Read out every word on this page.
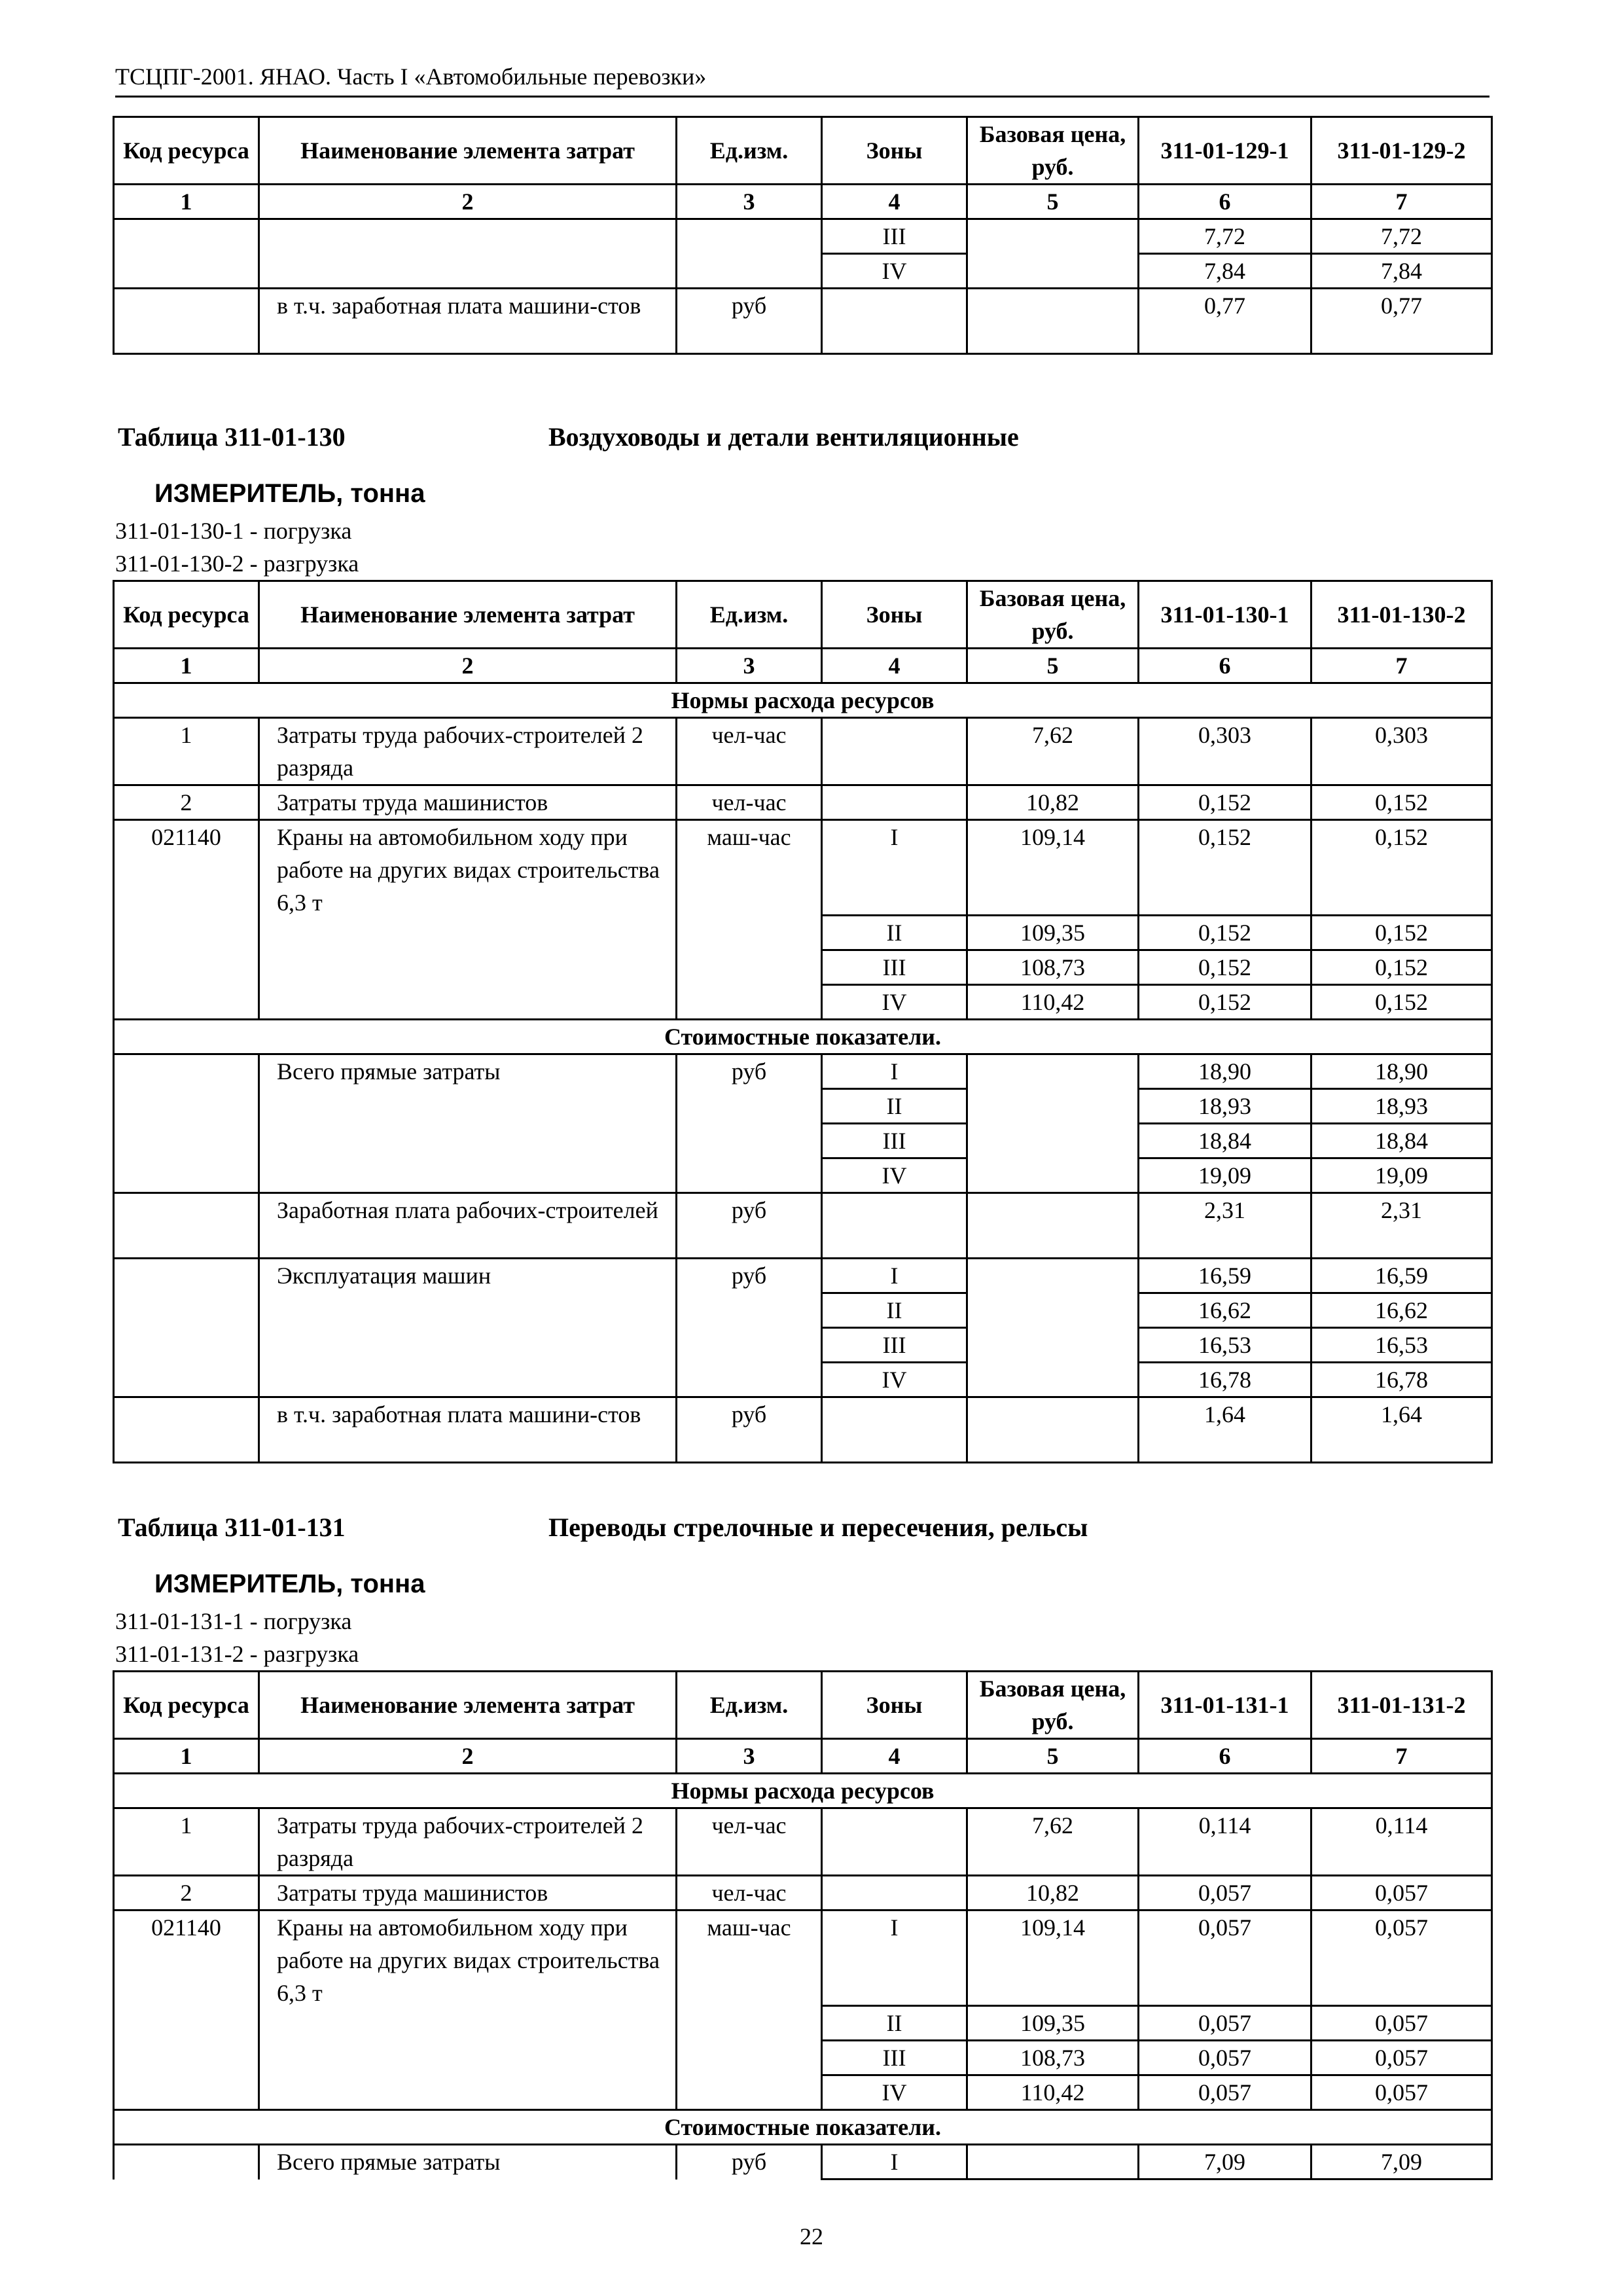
ТСЦПГ-2001. ЯНАО. Часть I «Автомобильные перевозки»
Код ресурса	Наименование элемента затрат	Ед.изм.	Зоны	Базовая цена, руб.	311-01-129-1	311-01-129-2
1	2	3	4	5	6	7
			III		7,72	7,72
			IV		7,84	7,84
	в т.ч. заработная плата машини-стов	руб			0,77	0,77
Таблица 311-01-130	Воздуховоды и детали вентиляционные
ИЗМЕРИТЕЛЬ, тонна
311-01-130-1 - погрузка
311-01-130-2 - разгрузка
Код ресурса	Наименование элемента затрат	Ед.изм.	Зоны	Базовая цена, руб.	311-01-130-1	311-01-130-2
1	2	3	4	5	6	7
Нормы расхода ресурсов						
1	Затраты труда рабочих-строителей 2 разряда	чел-час		7,62	0,303	0,303
2	Затраты труда машинистов	чел-час		10,82	0,152	0,152
021140	Краны на автомобильном ходу при работе на других видах строительства 6,3 т	маш-час	I	109,14	0,152	0,152
			II	109,35	0,152	0,152
			III	108,73	0,152	0,152
			IV	110,42	0,152	0,152
Стоимостные показатели.						
	Всего прямые затраты	руб	I		18,90	18,90
			II		18,93	18,93
			III		18,84	18,84
			IV		19,09	19,09
	Заработная плата рабочих-строителей	руб			2,31	2,31
	Эксплуатация машин	руб	I		16,59	16,59
			II		16,62	16,62
			III		16,53	16,53
			IV		16,78	16,78
	в т.ч. заработная плата машини-стов	руб			1,64	1,64
Таблица 311-01-131	Переводы стрелочные и пересечения, рельсы
ИЗМЕРИТЕЛЬ, тонна
311-01-131-1 - погрузка
311-01-131-2 - разгрузка
Код ресурса	Наименование элемента затрат	Ед.изм.	Зоны	Базовая цена, руб.	311-01-131-1	311-01-131-2
1	2	3	4	5	6	7
Нормы расхода ресурсов						
1	Затраты труда рабочих-строителей 2 разряда	чел-час		7,62	0,114	0,114
2	Затраты труда машинистов	чел-час		10,82	0,057	0,057
021140	Краны на автомобильном ходу при работе на других видах строительства 6,3 т	маш-час	I	109,14	0,057	0,057
			II	109,35	0,057	0,057
			III	108,73	0,057	0,057
			IV	110,42	0,057	0,057
Стоимостные показатели.						
	Всего прямые затраты	руб	I		7,09	7,09
22
